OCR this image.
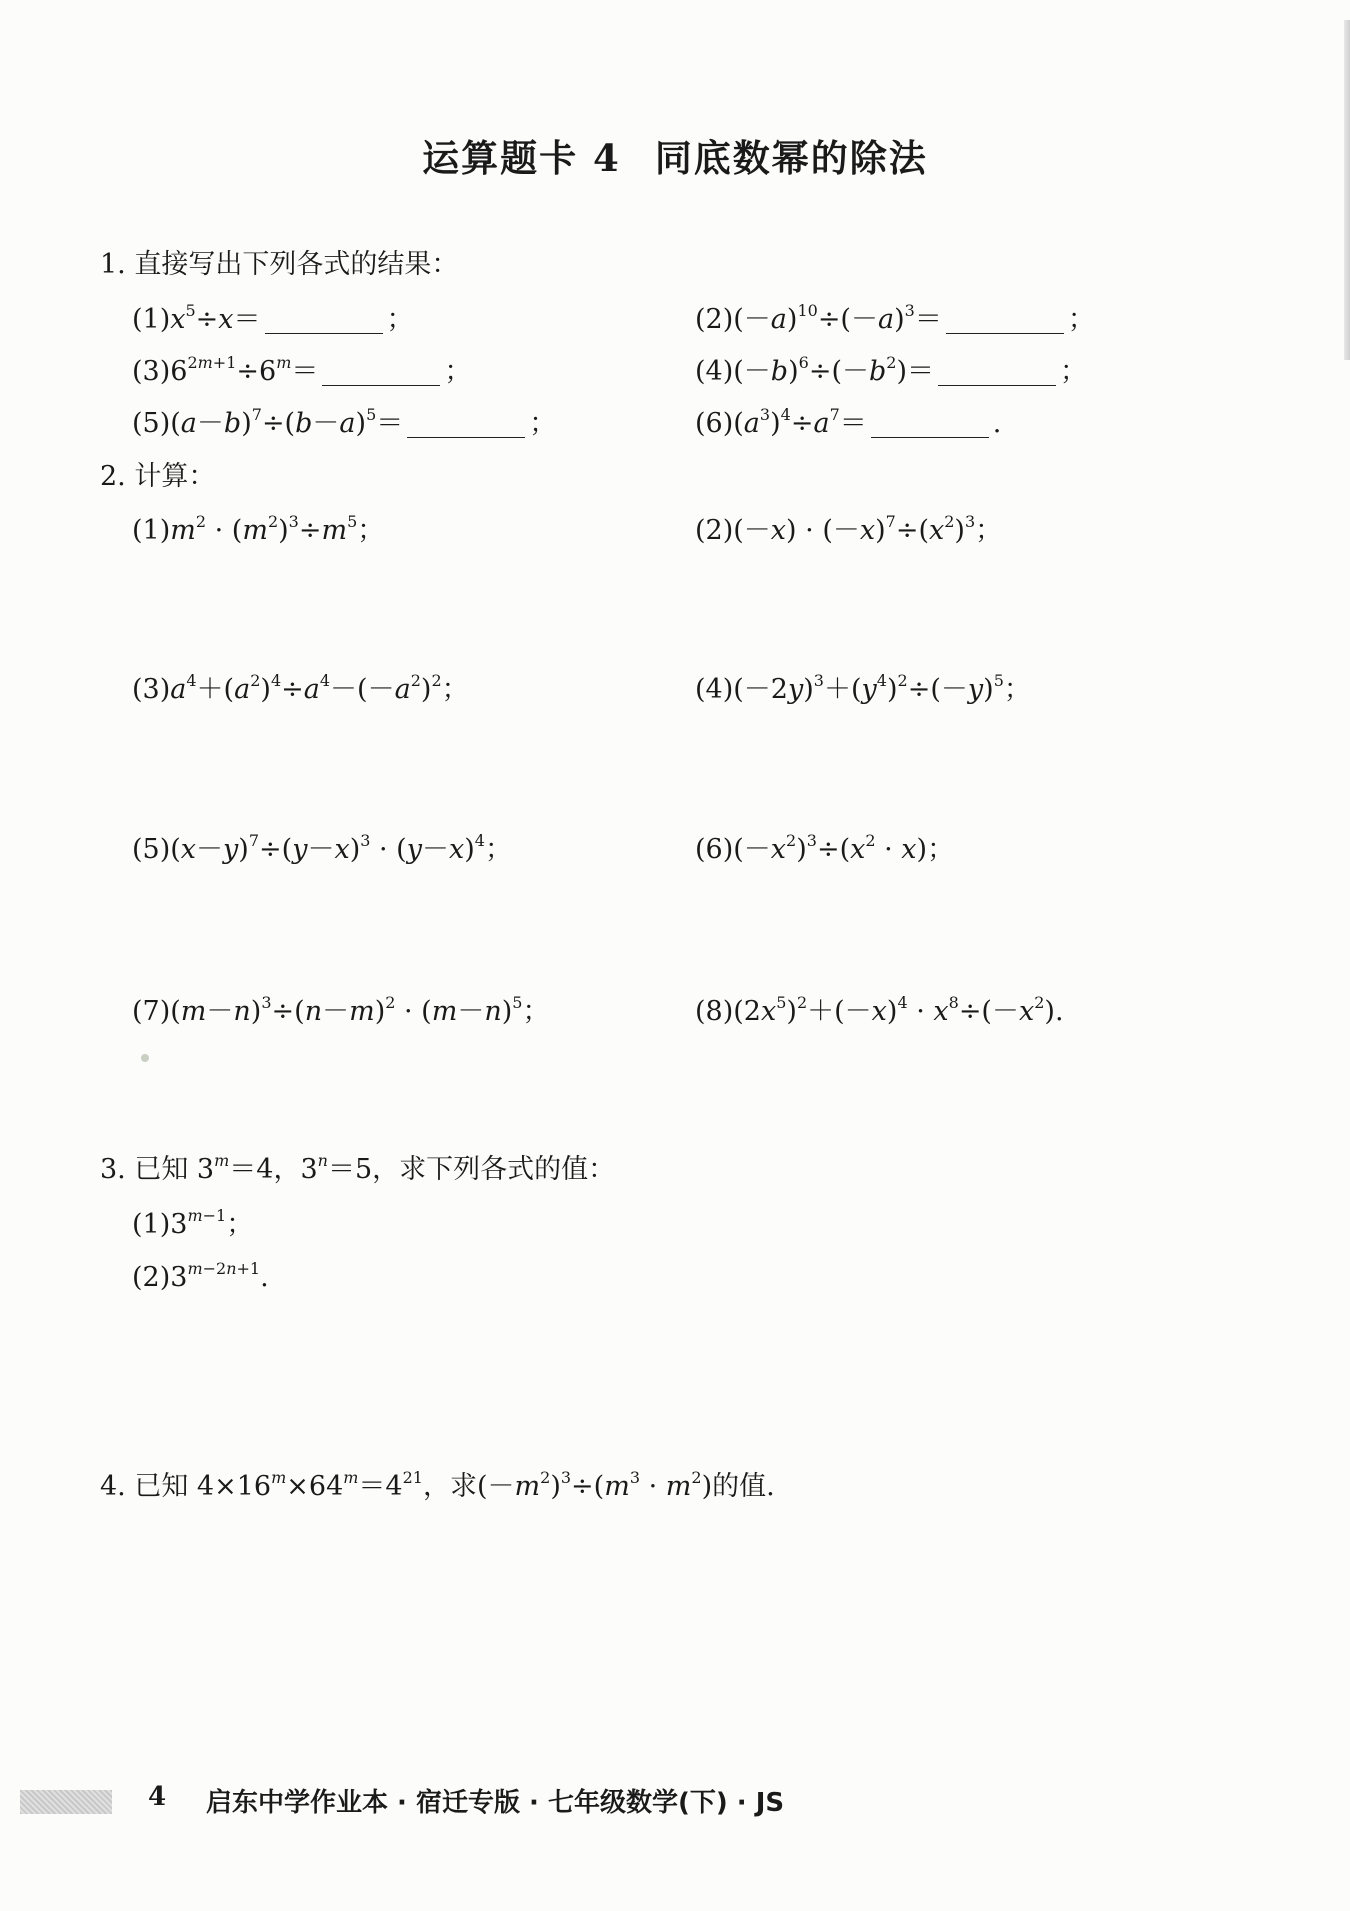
运算题卡 4 同底数幂的除法
1. 直接写出下列各式的结果：
$(1)x^5\div x=$	；	$(2)(-a)^{10}\div(-a)^3=$	；
$(3)6^{2m+1}\div 6^m=$	；	$(4)(-b)^6\div(-b^2)=$	；
$(5)(a-b)^7\div(b-a)^5=$	；	$(6)(a^3)^4\div a^7=$	.
2. 计算：
$(1)m^2 \cdot (m^2)^3\div m^5$；	$(2)(-x) \cdot (-x)^7\div(x^2)^3$；
$(3)a^4+(a^2)^4\div a^4-(-a^2)^2$；	$(4)(-2y)^3+(y^4)^2\div(-y)^5$；
$(5)(x-y)^7\div(y-x)^3 \cdot (y-x)^4$；	$(6)(-x^2)^3\div(x^2 \cdot x)$；
$(7)(m-n)^3\div(n-m)^2 \cdot (m-n)^5$；	$(8)(2x^5)^2+(-x)^4 \cdot x^8\div(-x^2)$.
3. 已知 $3^m=4$，$3^n=5$，求下列各式的值：
$(1)3^{m-1}$；
$(2)3^{m-2n+1}$.
4. 已知 $4\times 16^m\times 64^m=4^{21}$，求$(-m^2)^3\div(m^3 \cdot m^2)$的值.
4 启东中学作业本 · 宿迁专版 · 七年级数学(下) · JS
